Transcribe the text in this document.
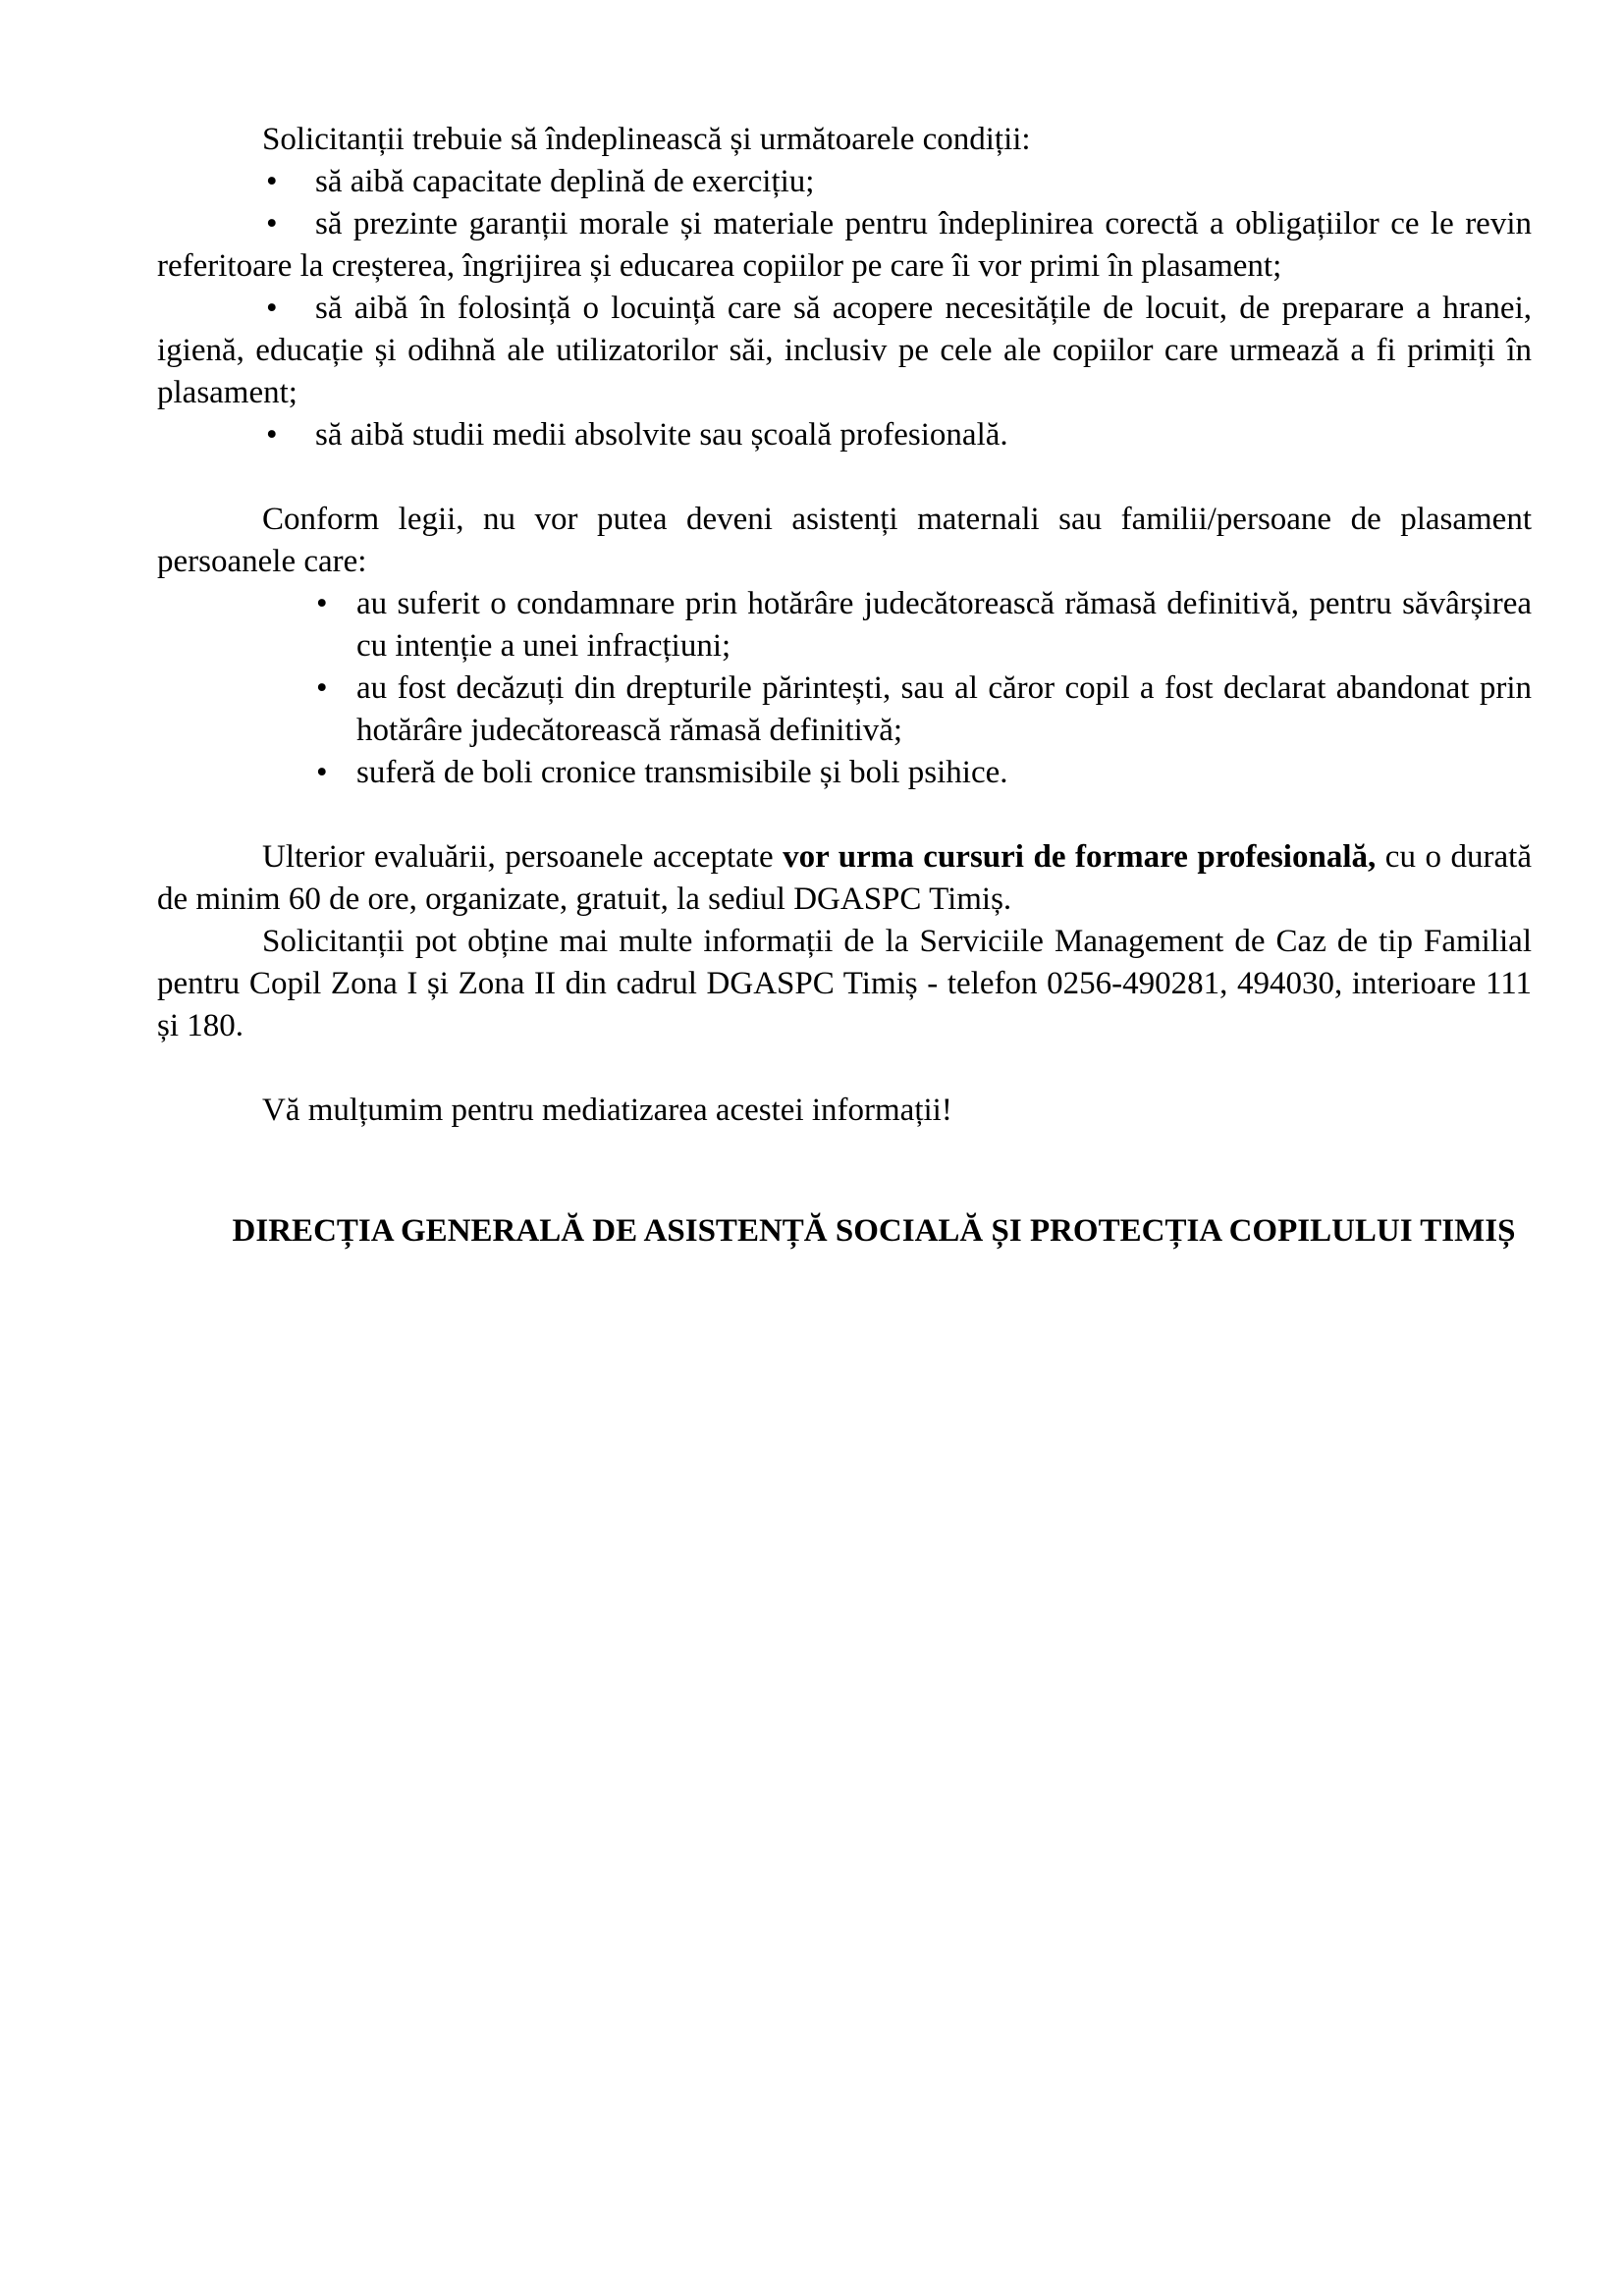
Solicitanții trebuie să îndeplinească și următoarele condiții:

• să aibă capacitate deplină de exercițiu;
• să prezinte garanții morale și materiale pentru îndeplinirea corectă a obligațiilor ce le revin referitoare la creșterea, îngrijirea și educarea copiilor pe care îi vor primi în plasament;
• să aibă în folosință o locuință care să acopere necesitățile de locuit, de preparare a hranei, igienă, educație și odihnă ale utilizatorilor săi, inclusiv pe cele ale copiilor care urmează a fi primiți în plasament;
• să aibă studii medii absolvite sau școală profesională.

Conform legii, nu vor putea deveni asistenți maternali sau familii/persoane de plasament persoanele care:

• au suferit o condamnare prin hotărâre judecătorească rămasă definitivă, pentru săvârșirea cu intenție a unei infracțiuni;
• au fost decăzuți din drepturile părintești, sau al căror copil a fost declarat abandonat prin hotărâre judecătorească rămasă definitivă;
• suferă de boli cronice transmisibile și boli psihice.

Ulterior evaluării, persoanele acceptate vor urma cursuri de formare profesională, cu o durată de minim 60 de ore, organizate, gratuit, la sediul DGASPC Timiș.

Solicitanții pot obține mai multe informații de la Serviciile Management de Caz de tip Familial pentru Copil Zona I și Zona II din cadrul DGASPC Timiș - telefon 0256-490281, 494030, interioare 111 și 180.

Vă mulțumim pentru mediatizarea acestei informații!

DIRECȚIA GENERALĂ DE ASISTENȚĂ SOCIALĂ ȘI PROTECȚIA COPILULUI TIMIȘ
